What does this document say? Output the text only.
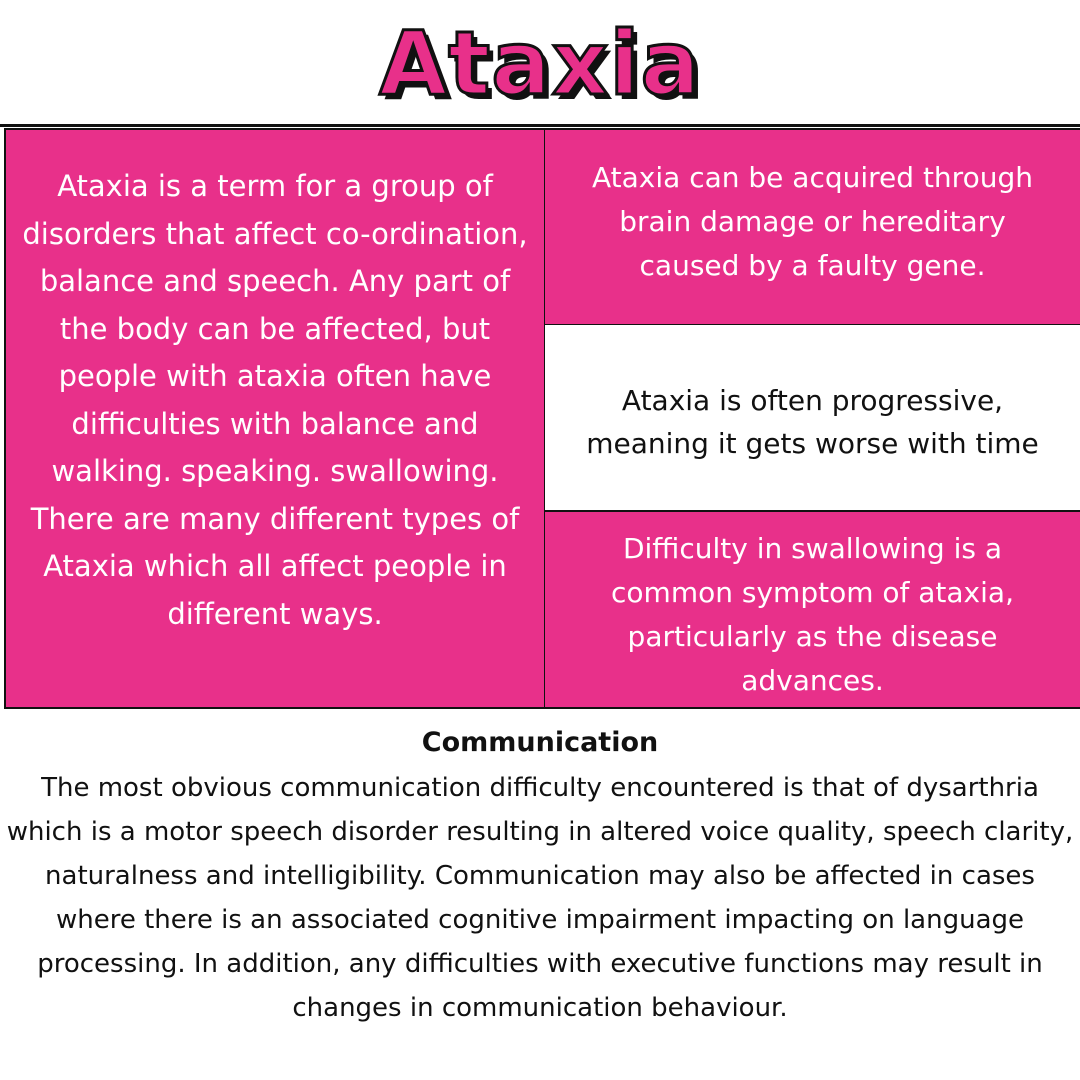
Ataxia
Ataxia is a term for a group of disorders that affect co-ordination, balance and speech. Any part of the body can be affected, but people with ataxia often have difficulties with balance and walking. speaking. swallowing. There are many different types of Ataxia which all affect people in different ways.
Ataxia can be acquired through brain damage or hereditary caused by a faulty gene.
Ataxia is often progressive, meaning it gets worse with time
Difficulty in swallowing is a common symptom of ataxia, particularly as the disease advances.
Communication
The most obvious communication difficulty encountered is that of dysarthria which is a motor speech disorder resulting in altered voice quality, speech clarity, naturalness and intelligibility. Communication may also be affected in cases where there is an associated cognitive impairment impacting on language processing. In addition, any difficulties with executive functions may result in changes in communication behaviour.
